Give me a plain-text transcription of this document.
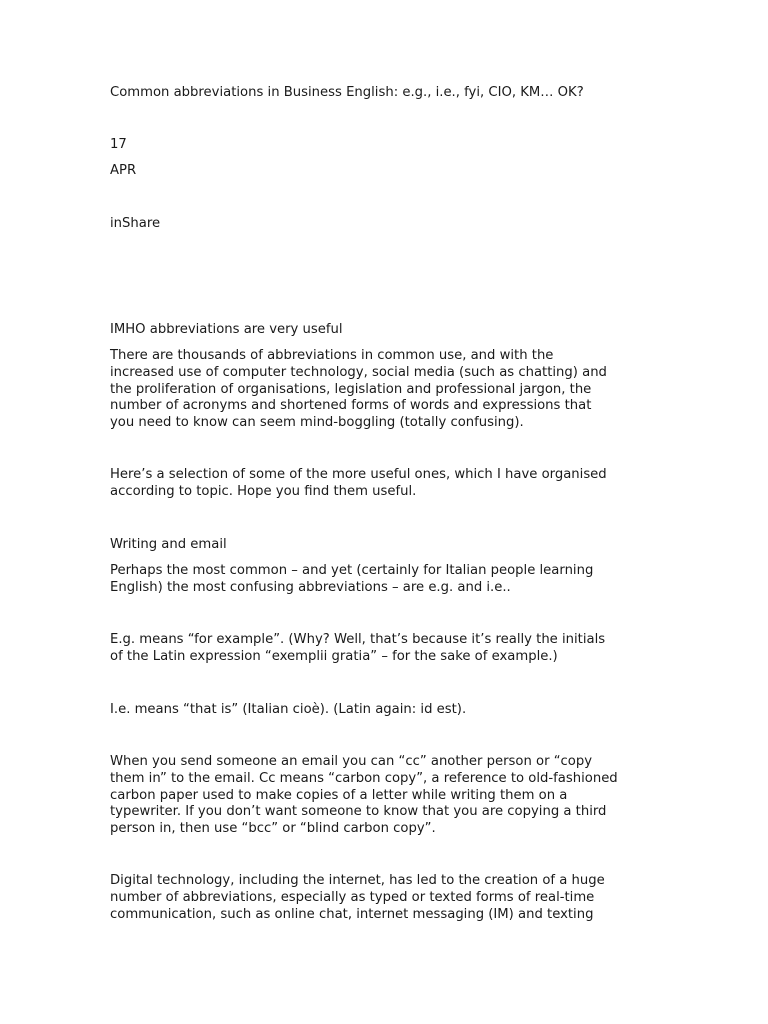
Common abbreviations in Business English: e.g., i.e., fyi, CIO, KM… OK?

17

APR

inShare

IMHO abbreviations are very useful

There are thousands of abbreviations in common use, and with the
increased use of computer technology, social media (such as chatting) and
the proliferation of organisations, legislation and professional jargon, the
number of acronyms and shortened forms of words and expressions that
you need to know can seem mind-boggling (totally confusing).
Here’s a selection of some of the more useful ones, which I have organised
according to topic. Hope you find them useful.

Writing and email

Perhaps the most common – and yet (certainly for Italian people learning
English) the most confusing abbreviations – are e.g. and i.e..
E.g. means “for example”. (Why? Well, that’s because it’s really the initials
of the Latin expression “exemplii gratia” – for the sake of example.)

I.e. means “that is” (Italian cioè). (Latin again: id est).

When you send someone an email you can “cc” another person or “copy
them in” to the email. Cc means “carbon copy”, a reference to old-fashioned
carbon paper used to make copies of a letter while writing them on a
typewriter. If you don’t want someone to know that you are copying a third
person in, then use “bcc” or “blind carbon copy”.
Digital technology, including the internet, has led to the creation of a huge
number of abbreviations, especially as typed or texted forms of real-time
communication, such as online chat, internet messaging (IM) and texting
